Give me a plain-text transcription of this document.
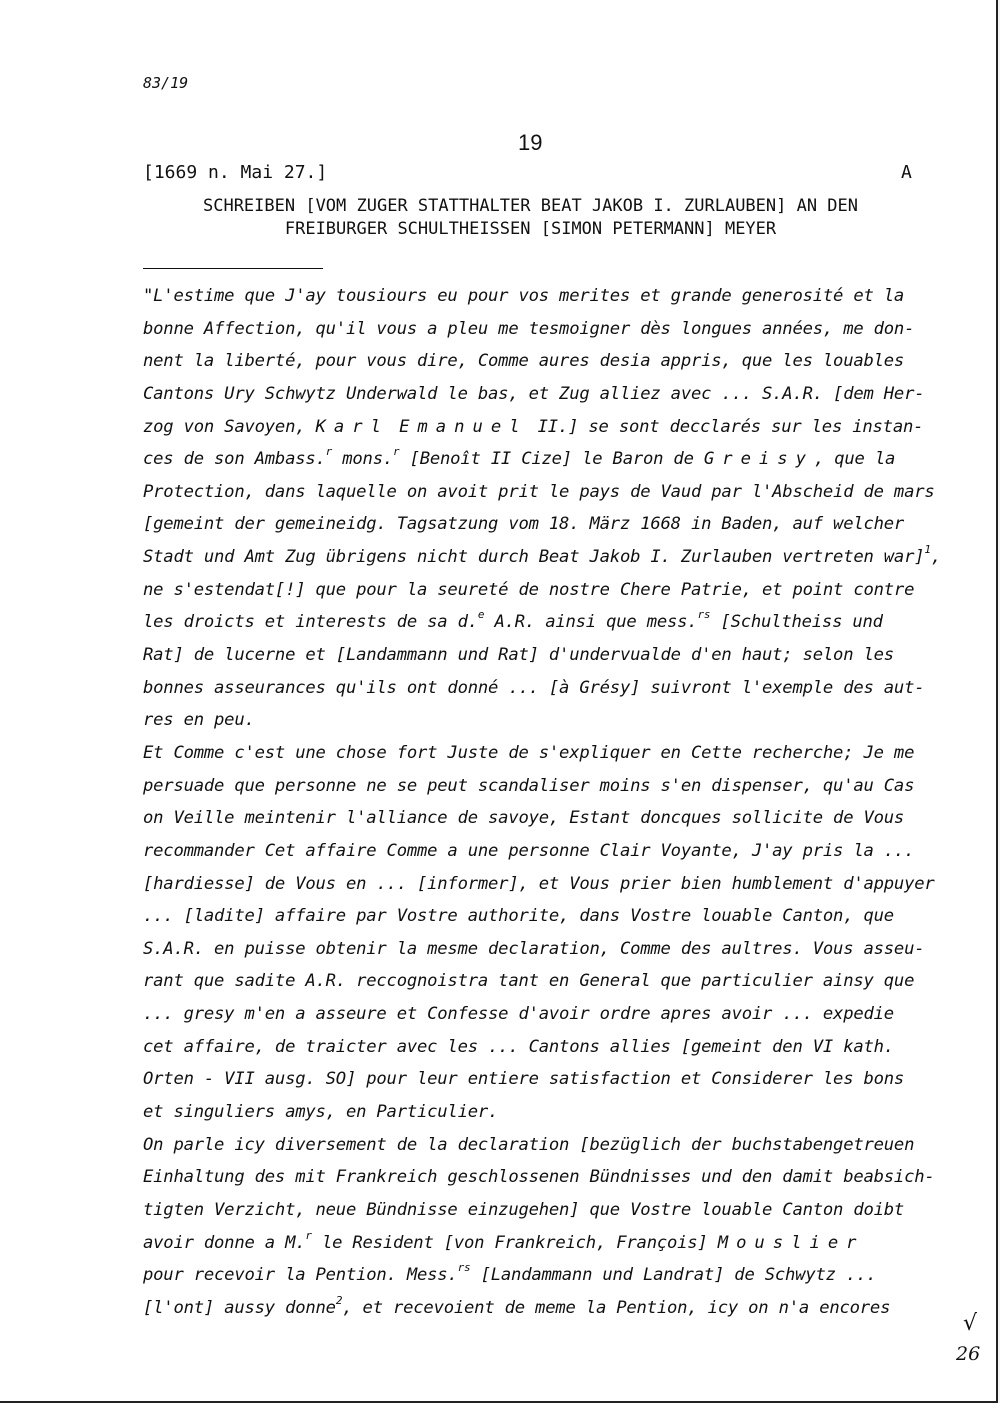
83/19
19
[1669 n. Mai 27.]	A
SCHREIBEN [VOM ZUGER STATTHALTER BEAT JAKOB I. ZURLAUBEN] AN DEN
FREIBURGER SCHULTHEISSEN [SIMON PETERMANN] MEYER
"L'estime que J'ay tousiours eu pour vos merites et grande generosité et la
bonne Affection, qu'il vous a pleu me tesmoigner dès longues années, me don-
nent la liberté, pour vous dire, Comme aures desia appris, que les louables
Cantons Ury Schwytz Underwald le bas, et Zug alliez avec ... S.A.R. [dem Her-
zog von Savoyen, Karl Emanuel II.] se sont decclarés sur les instan-
ces de son Ambass.$^r$ mons.$^r$ [Benoît II Cize] le Baron de Greisy, que la
Protection, dans laquelle on avoit prit le pays de Vaud par l'Abscheid de mars
[gemeint der gemeineidg. Tagsatzung vom 18. März 1668 in Baden, auf welcher
Stadt und Amt Zug übrigens nicht durch Beat Jakob I. Zurlauben vertreten war]$^1$,
ne s'estendat[!] que pour la seureté de nostre Chere Patrie, et point contre
les droicts et interests de sa d.$^e$ A.R. ainsi que mess.$^{rs}$ [Schultheiss und
Rat] de lucerne et [Landammann und Rat] d'undervualde d'en haut; selon les
bonnes asseurances qu'ils ont donné ... [à Grésy] suivront l'exemple des aut-
res en peu.
Et Comme c'est une chose fort Juste de s'expliquer en Cette recherche; Je me
persuade que personne ne se peut scandaliser moins s'en dispenser, qu'au Cas
on Veille meintenir l'alliance de savoye, Estant doncques sollicite de Vous
recommander Cet affaire Comme a une personne Clair Voyante, J'ay pris la ...
[hardiesse] de Vous en ... [informer], et Vous prier bien humblement d'appuyer
... [ladite] affaire par Vostre authorite, dans Vostre louable Canton, que
S.A.R. en puisse obtenir la mesme declaration, Comme des aultres. Vous asseu-
rant que sadite A.R. reccognoistra tant en General que particulier ainsy que
... gresy m'en a asseure et Confesse d'avoir ordre apres avoir ... expedie
cet affaire, de traicter avec les ... Cantons allies [gemeint den VI kath.
Orten - VII ausg. SO] pour leur entiere satisfaction et Considerer les bons
et singuliers amys, en Particulier.
On parle icy diversement de la declaration [bezüglich der buchstabengetreuen
Einhaltung des mit Frankreich geschlossenen Bündnisses und den damit beabsich-
tigten Verzicht, neue Bündnisse einzugehen] que Vostre louable Canton doibt
avoir donne a M.$^r$ le Resident [von Frankreich, François] Mouslier
pour recevoir la Pention. Mess.$^{rs}$ [Landammann und Landrat] de Schwytz ...
[l'ont] aussy donne$^2$, et recevoient de meme la Pention, icy on n'a encores
√
26
